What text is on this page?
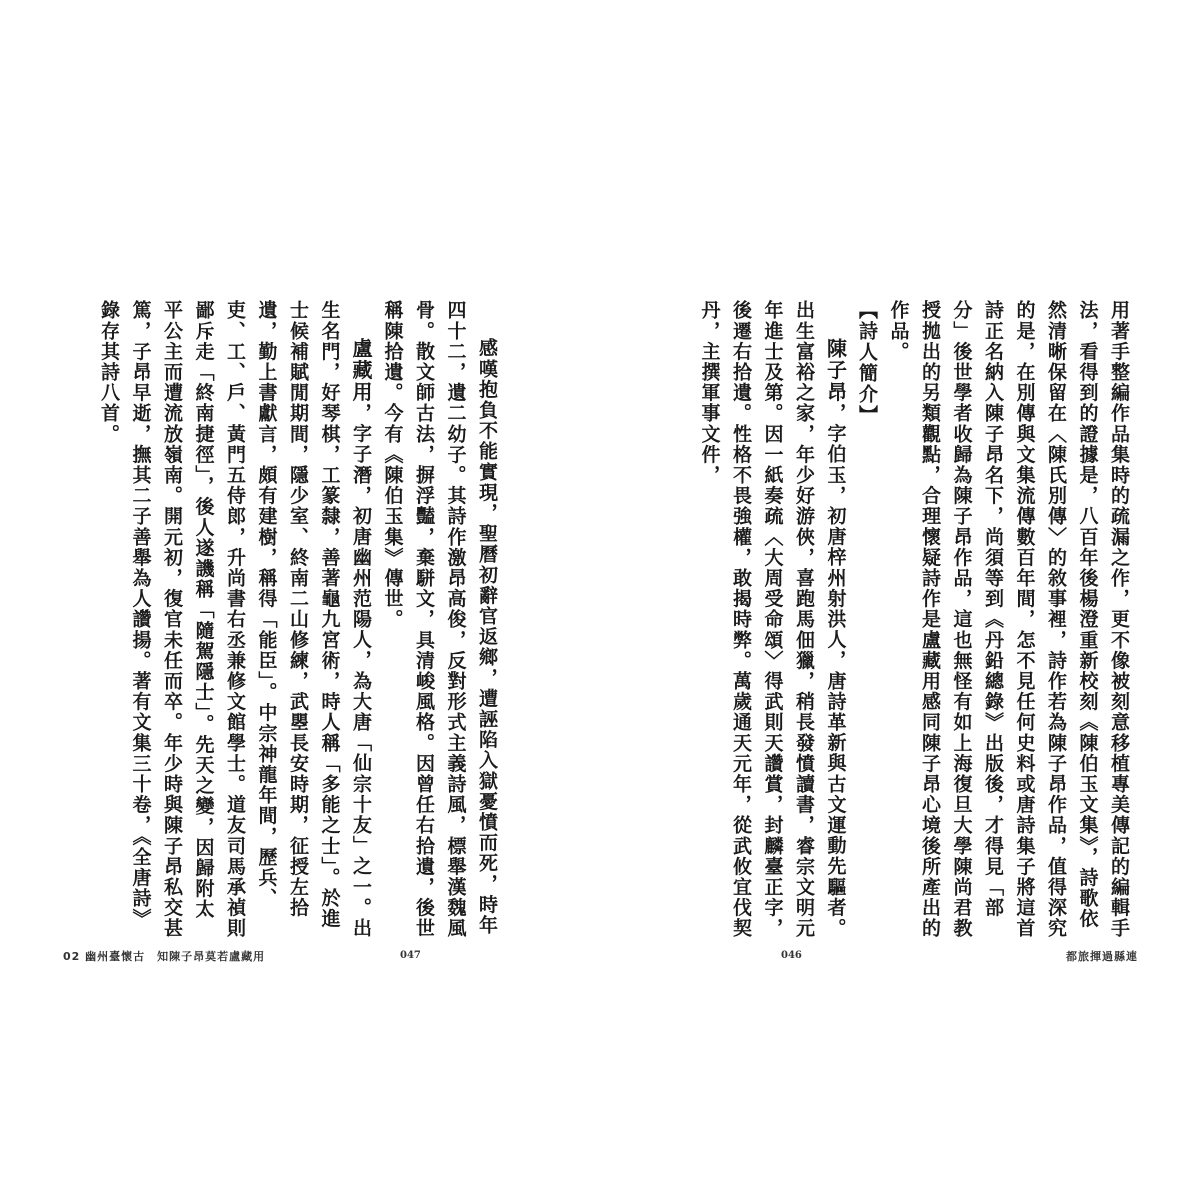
感嘆抱負不能實現，聖曆初辭官返鄉，遭誣陷入獄憂憤而死，時年四十二，遺二幼子。其詩作激昂高俊，反對形式主義詩風，標舉漢魏風骨。散文師古法，摒浮豔，棄駢文，具清峻風格。因曾任右拾遺，後世稱陳拾遺。今有《陳伯玉集》傳世。

盧藏用，字子潛，初唐幽州范陽人，為大唐「仙宗十友」之一。出生名門，好琴棋，工篆隸，善著龜九宮術，時人稱「多能之士」。於進士候補賦閒期間，隱少室、終南二山修練，武瞾長安時期，征授左拾遺，勤上書獻言，頗有建樹，稱得「能臣」。中宗神龍年間，歷兵、吏、工、戶、黃門五侍郎，升尚書右丞兼修文館學士。道友司馬承禎則鄙斥走「終南捷徑」，後人遂譏稱「隨駕隱士」。先天之變，因歸附太平公主而遭流放嶺南。開元初，復官未任而卒。年少時與陳子昂私交甚篤，子昂早逝，撫其二子善舉為人讚揚。著有文集三十卷，《全唐詩》錄存其詩八首。

02 幽州臺懷古　知陳子昂莫若盧藏用	047

用著手整編作品集時的疏漏之作，更不像被刻意移植專美傳記的編輯手法，看得到的證據是，八百年後楊澄重新校刻《陳伯玉文集》，詩歌依然清晰保留在〈陳氏別傳〉的敘事裡，詩作若為陳子昂作品，值得深究的是，在別傳與文集流傳數百年間，怎不見任何史料或唐詩集子將這首詩正名納入陳子昂名下，尚須等到《丹鉛總錄》出版後，才得見「部分」後世學者收歸為陳子昂作品，這也無怪有如上海復旦大學陳尚君教授拋出的另類觀點，合理懷疑詩作是盧藏用感同陳子昂心境後所產出的作品。

【詩人簡介】

陳子昂，字伯玉，初唐梓州射洪人，唐詩革新與古文運動先驅者。出生富裕之家，年少好游俠，喜跑馬佃獵，稍長發憤讀書，睿宗文明元年進士及第。因一紙奏疏〈大周受命頌〉得武則天讚賞，封麟臺正字，後遷右拾遺。性格不畏強權，敢揭時弊。萬歲通天元年，從武攸宜伐契丹，主撰軍事文件，

046	都旅揮過縣連
